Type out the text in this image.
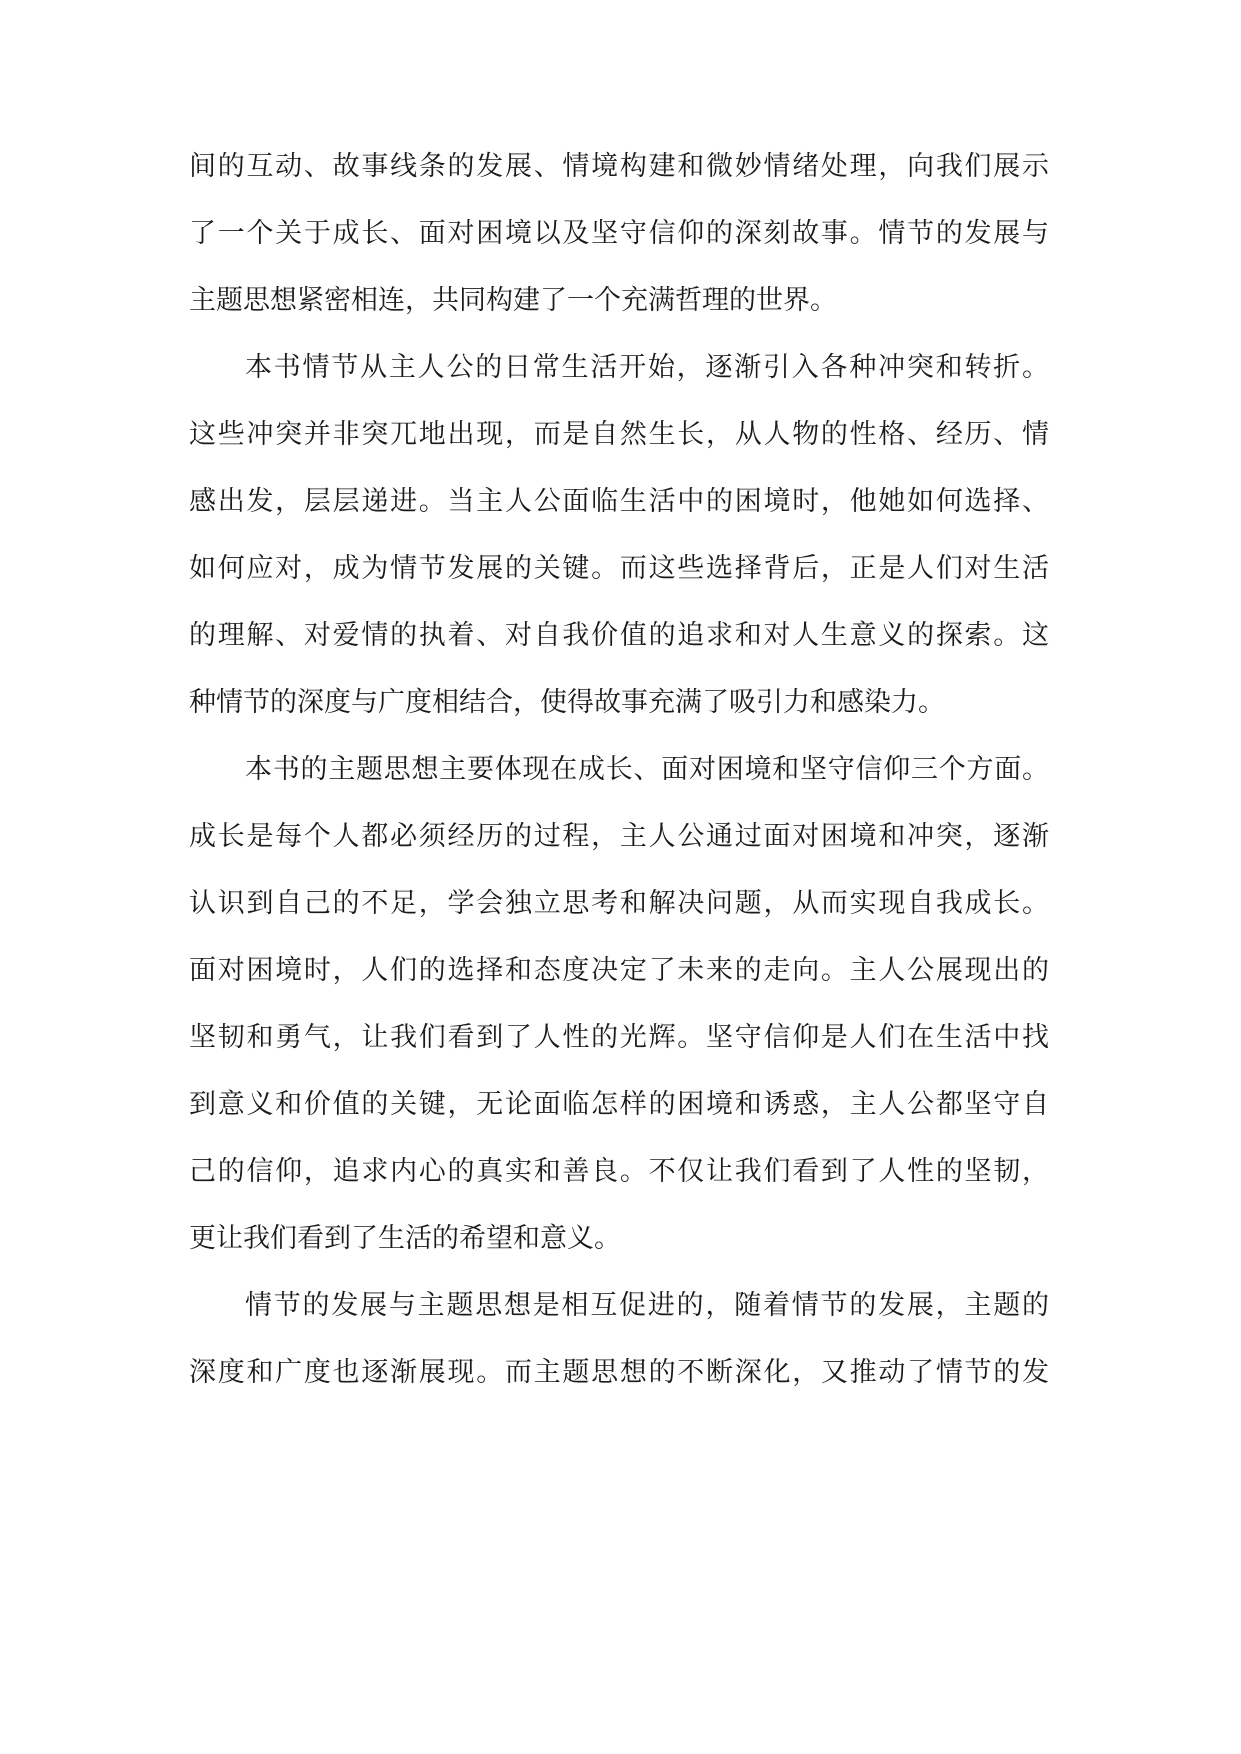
间的互动、故事线条的发展、情境构建和微妙情绪处理，向我们展示
了一个关于成长、面对困境以及坚守信仰的深刻故事。情节的发展与
主题思想紧密相连，共同构建了一个充满哲理的世界。
本书情节从主人公的日常生活开始，逐渐引入各种冲突和转折。
这些冲突并非突兀地出现，而是自然生长，从人物的性格、经历、情
感出发，层层递进。当主人公面临生活中的困境时，他她如何选择、
如何应对，成为情节发展的关键。而这些选择背后，正是人们对生活
的理解、对爱情的执着、对自我价值的追求和对人生意义的探索。这
种情节的深度与广度相结合，使得故事充满了吸引力和感染力。
本书的主题思想主要体现在成长、面对困境和坚守信仰三个方面。
成长是每个人都必须经历的过程，主人公通过面对困境和冲突，逐渐
认识到自己的不足，学会独立思考和解决问题，从而实现自我成长。
面对困境时，人们的选择和态度决定了未来的走向。主人公展现出的
坚韧和勇气，让我们看到了人性的光辉。坚守信仰是人们在生活中找
到意义和价值的关键，无论面临怎样的困境和诱惑，主人公都坚守自
己的信仰，追求内心的真实和善良。不仅让我们看到了人性的坚韧，
更让我们看到了生活的希望和意义。
情节的发展与主题思想是相互促进的，随着情节的发展，主题的
深度和广度也逐渐展现。而主题思想的不断深化，又推动了情节的发
